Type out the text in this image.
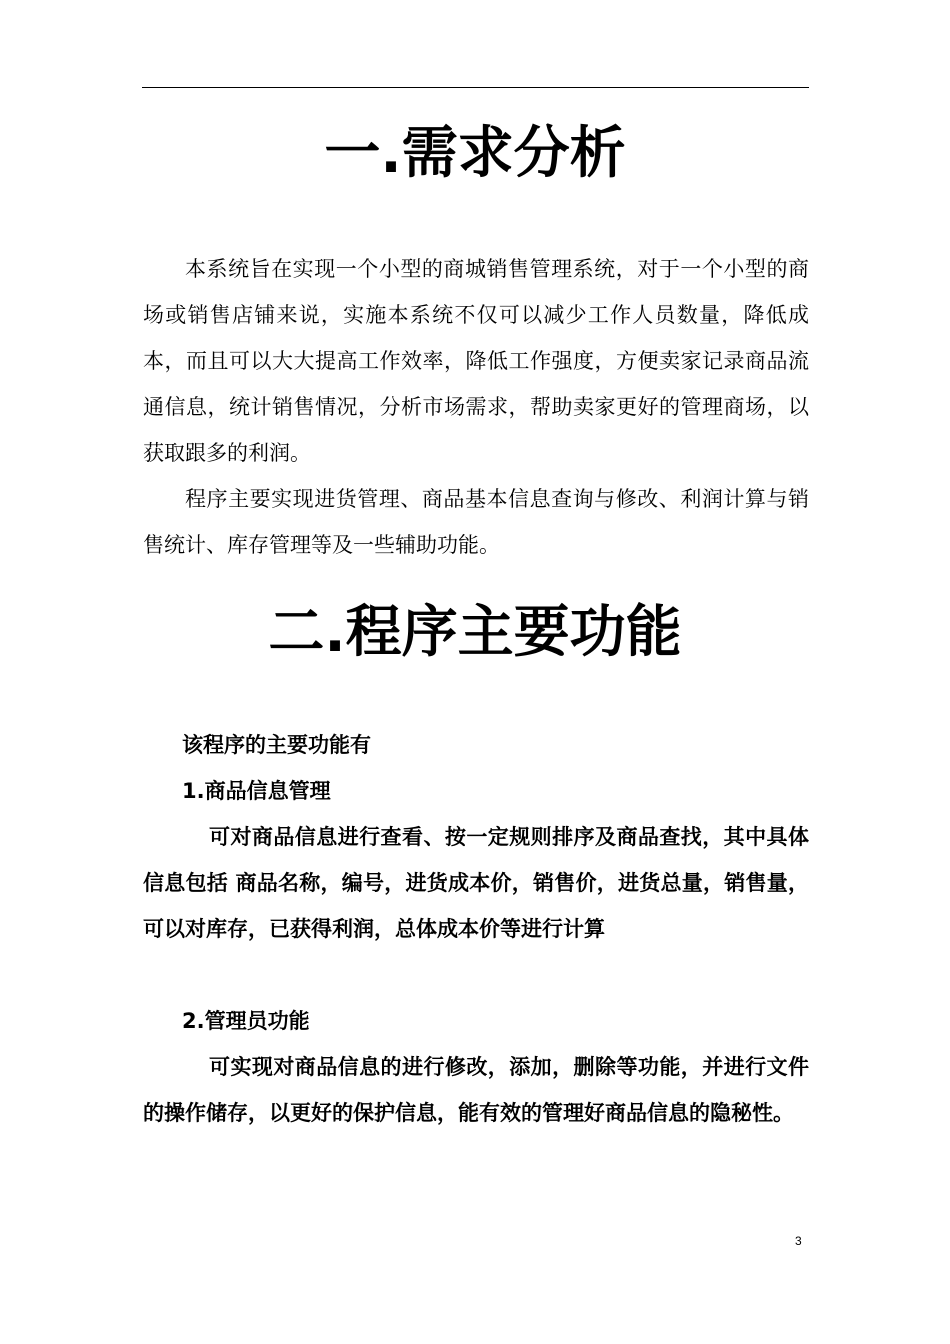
一.需求分析

本系统旨在实现一个小型的商城销售管理系统，对于一个小型的商场或销售店铺来说，实施本系统不仅可以减少工作人员数量，降低成本，而且可以大大提高工作效率，降低工作强度，方便卖家记录商品流通信息，统计销售情况，分析市场需求，帮助卖家更好的管理商场，以获取跟多的利润。

程序主要实现进货管理、商品基本信息查询与修改、利润计算与销售统计、库存管理等及一些辅助功能。

二.程序主要功能

该程序的主要功能有

1.商品信息管理

可对商品信息进行查看、按一定规则排序及商品查找，其中具体信息包括 商品名称，编号，进货成本价，销售价，进货总量，销售量，可以对库存，已获得利润，总体成本价等进行计算

2.管理员功能

可实现对商品信息的进行修改，添加，删除等功能，并进行文件的操作储存，以更好的保护信息，能有效的管理好商品信息的隐秘性。

3
